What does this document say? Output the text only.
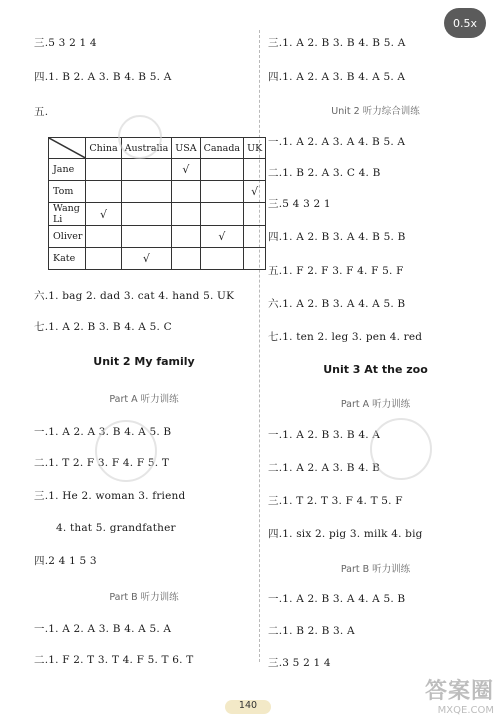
0.5x
三.5 3 2 1 4
四.1. B 2. A 3. B 4. B 5. A
五.
	China	Australia	USA	Canada	UK
Jane			√		
Tom					√
Wang Li	√				
Oliver				√	
Kate		√			
六.1. bag 2. dad 3. cat 4. hand 5. UK
七.1. A 2. B 3. B 4. A 5. C
Unit 2 My family
Part A 听力训练
一.1. A 2. A 3. B 4. A 5. B
二.1. T 2. F 3. F 4. F 5. T
三.1. He 2. woman 3. friend
4. that 5. grandfather
四.2 4 1 5 3
Part B 听力训练
一.1. A 2. A 3. B 4. A 5. A
二.1. F 2. T 3. T 4. F 5. T 6. T
三.1. A 2. B 3. B 4. B 5. A
四.1. A 2. A 3. B 4. A 5. A
Unit 2 听力综合训练
一.1. A 2. A 3. A 4. B 5. A
二.1. B 2. A 3. C 4. B
三.5 4 3 2 1
四.1. A 2. B 3. A 4. B 5. B
五.1. F 2. F 3. F 4. F 5. F
六.1. A 2. B 3. A 4. A 5. B
七.1. ten 2. leg 3. pen 4. red
Unit 3 At the zoo
Part A 听力训练
一.1. A 2. B 3. B 4. A
二.1. A 2. A 3. B 4. B
三.1. T 2. T 3. F 4. T 5. F
四.1. six 2. pig 3. milk 4. big
Part B 听力训练
一.1. A 2. B 3. A 4. A 5. B
二.1. B 2. B 3. A
三.3 5 2 1 4
140
答案圈
MXQE.COM
